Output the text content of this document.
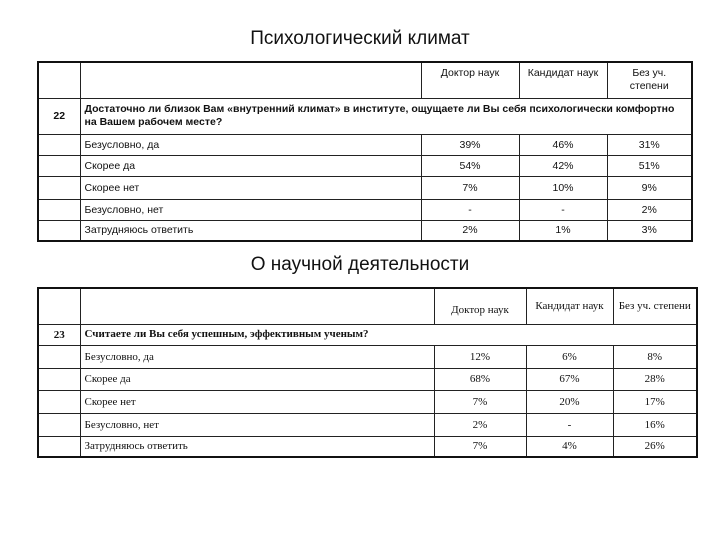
Психологический климат
		Доктор наук	Кандидат наук	Без уч. степени
22	Достаточно ли близок Вам «внутренний климат» в институте, ощущаете ли Вы себя психологически комфортно на Вашем рабочем месте?			
	Безусловно, да	39%	46%	31%
	Скорее да	54%	42%	51%
	Скорее нет	7%	10%	9%
	Безусловно, нет	-	-	2%
	Затрудняюсь ответить	2%	1%	3%
О научной деятельности
		Доктор наук	Кандидат наук	Без уч. степени
23	Считаете ли Вы себя успешным, эффективным ученым?			
	Безусловно, да	12%	6%	8%
	Скорее да	68%	67%	28%
	Скорее нет	7%	20%	17%
	Безусловно, нет	2%	-	16%
	Затрудняюсь ответить	7%	4%	26%
